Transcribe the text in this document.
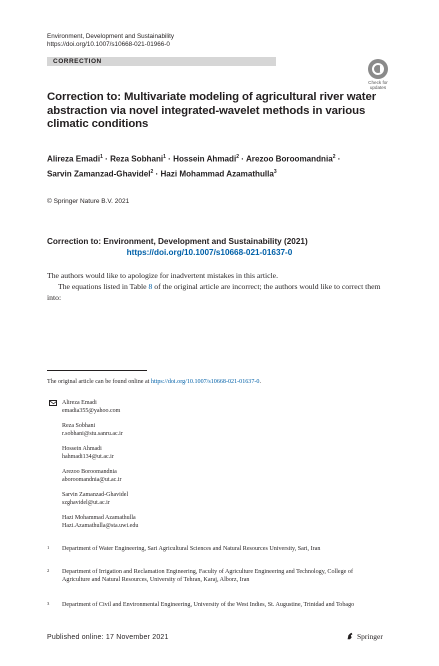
Environment, Development and Sustainability
https://doi.org/10.1007/s10668-021-01966-0
CORRECTION
Check for
updates
Correction to: Multivariate modeling of agricultural river water abstraction via novel integrated-wavelet methods in various climatic conditions
Alireza Emadi$^1$ · Reza Sobhani$^1$ · Hossein Ahmadi$^2$ · Arezoo Boroomandnia$^2$ ·
Sarvin Zamanzad-Ghavidel$^2$ · Hazi Mohammad Azamathulla$^3$
© Springer Nature B.V. 2021
Correction to: Environment, Development and Sustainability (2021)
https://doi.org/10.1007/s10668-021-01637-0
The authors would like to apologize for inadvertent mistakes in this article.
The equations listed in Table 8 of the original article are incorrect; the authors would like to correct them into:
The original article can be found online at https://doi.org/10.1007/s10668-021-01637-0.
Alireza Emadi
emadia355@yahoo.com
Reza Sobhani
r.sobhani@stu.sanru.ac.ir
Hossein Ahmadi
hahmadi134@ut.ac.ir
Arezoo Boroomandnia
aboroomandnia@ut.ac.ir
Sarvin Zamanzad-Ghavidel
szghavidel@ut.ac.ir
Hazi Mohammad Azamathulla
Hazi.Azamathulla@sta.uwi.edu
1 Department of Water Engineering, Sari Agricultural Sciences and Natural Resources University, Sari, Iran
2 Department of Irrigation and Reclamation Engineering, Faculty of Agriculture Engineering and Technology, College of Agriculture and Natural Resources, University of Tehran, Karaj, Alborz, Iran
3 Department of Civil and Environmental Engineering, University of the West Indies, St. Augustine, Trinidad and Tobago
Published online: 17 November 2021	Springer
